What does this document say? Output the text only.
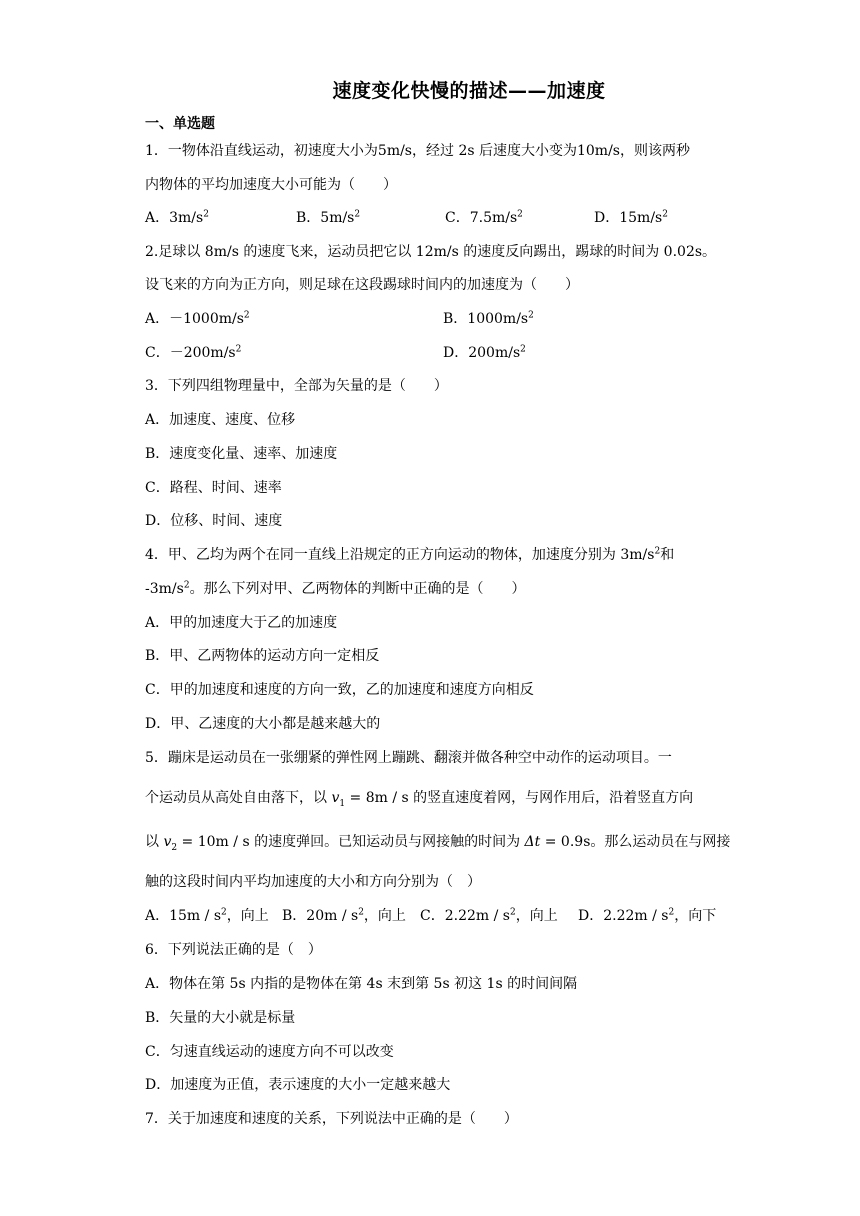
速度变化快慢的描述——加速度
一、单选题
1．一物体沿直线运动，初速度大小为5m/s，经过 2s 后速度大小变为10m/s，则该两秒
内物体的平均加速度大小可能为（　　）
A．$3m/s^2$	B．$5m/s^2$	C．$7.5m/s^2$	D．$15m/s^2$
2.足球以 8m/s 的速度飞来，运动员把它以 12m/s 的速度反向踢出，踢球的时间为 0.02s。
设飞来的方向为正方向，则足球在这段踢球时间内的加速度为（　　）
A．$-1000m/s^2$	B．$1000m/s^2$
C．$-200m/s^2$	D．$200m/s^2$
3．下列四组物理量中，全部为矢量的是（　　）
A．加速度、速度、位移
B．速度变化量、速率、加速度
C．路程、时间、速率
D．位移、时间、速度
4．甲、乙均为两个在同一直线上沿规定的正方向运动的物体，加速度分别为 $3m/s^2$和
$-3m/s^2$。那么下列对甲、乙两物体的判断中正确的是（　　）
A．甲的加速度大于乙的加速度
B．甲、乙两物体的运动方向一定相反
C．甲的加速度和速度的方向一致，乙的加速度和速度方向相反
D．甲、乙速度的大小都是越来越大的
5．蹦床是运动员在一张绷紧的弹性网上蹦跳、翻滚并做各种空中动作的运动项目。一
个运动员从高处自由落下，以 $v_1 = 8m / s$ 的竖直速度着网，与网作用后，沿着竖直方向
以 $v_2 = 10m / s$ 的速度弹回。已知运动员与网接触的时间为 Δt = 0.9s。那么运动员在与网接
触的这段时间内平均加速度的大小和方向分别为（　）
A．$15m / s^2$，向上 B．$20m / s^2$，向上 C．$2.22m / s^2$，向上 D．$2.22m / s^2$，向下
6．下列说法正确的是（　）
A．物体在第 5s 内指的是物体在第 4s 末到第 5s 初这 1s 的时间间隔
B．矢量的大小就是标量
C．匀速直线运动的速度方向不可以改变
D．加速度为正值，表示速度的大小一定越来越大
7．关于加速度和速度的关系，下列说法中正确的是（　　）
